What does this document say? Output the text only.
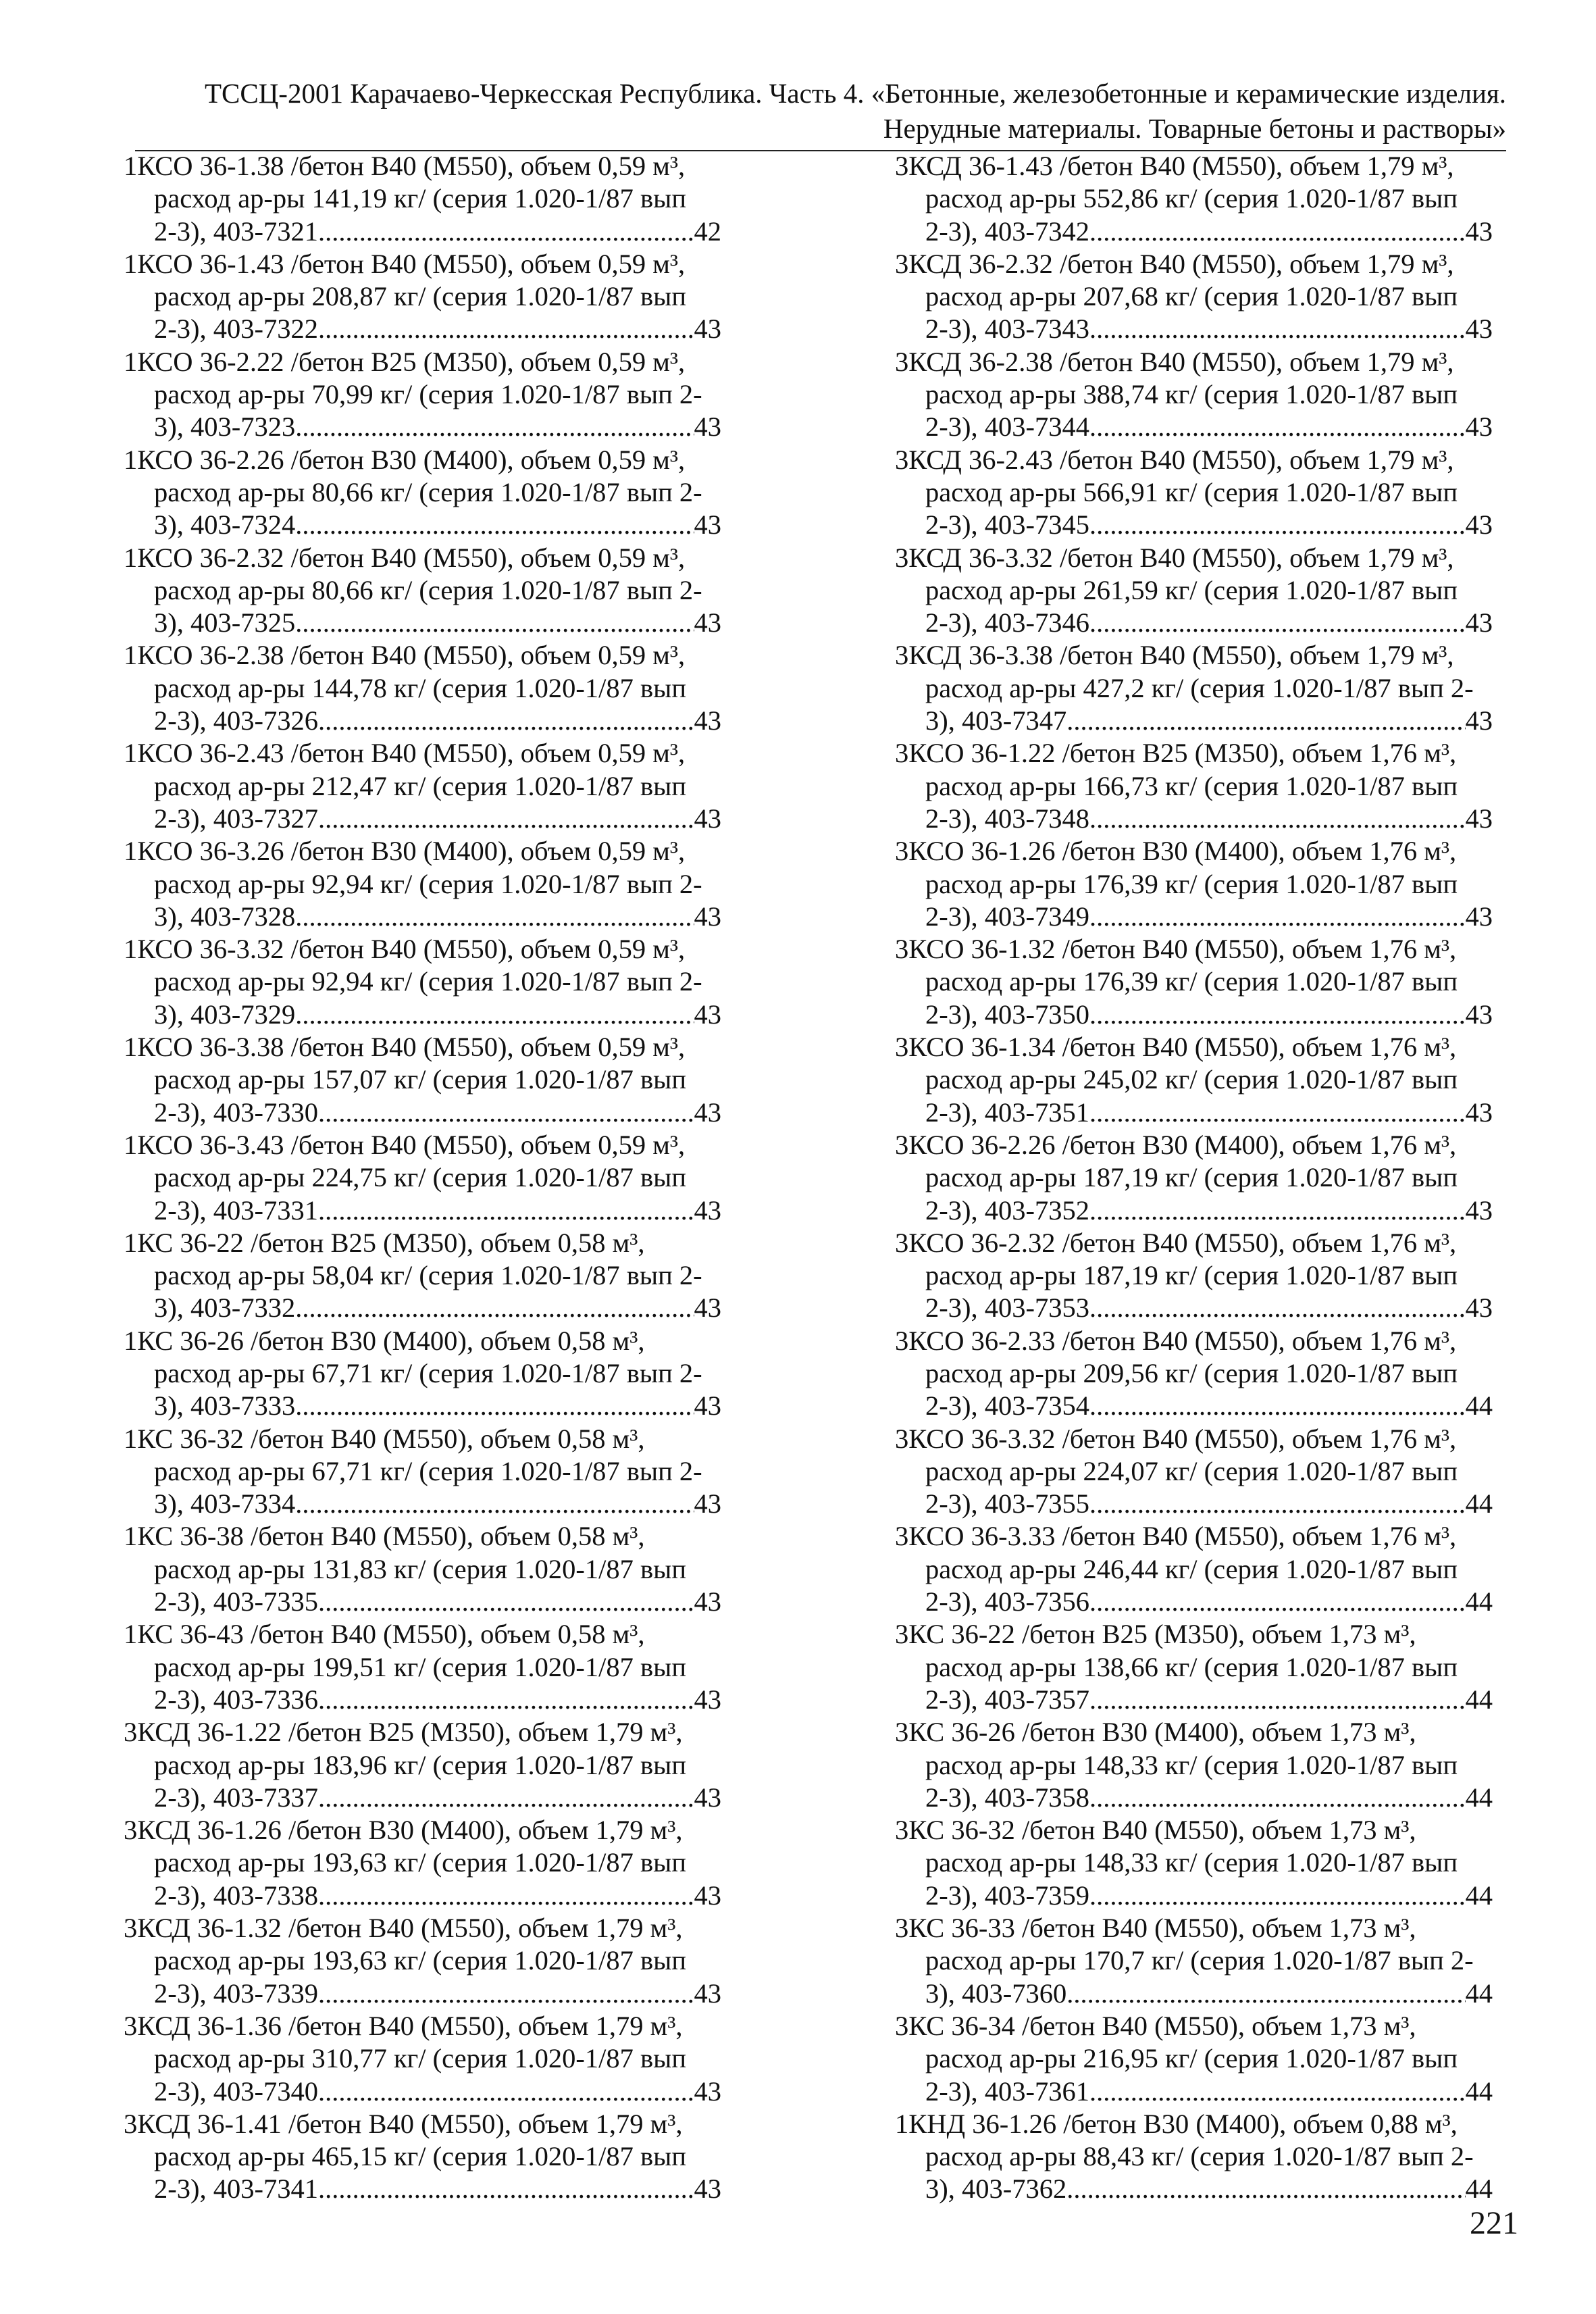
ТССЦ-2001 Карачаево-Черкесская Республика. Часть 4. «Бетонные, железобетонные и керамические изделия.
Нерудные материалы. Товарные бетоны и растворы»
1КСО 36-1.38 /бетон В40 (М550), объем 0,59 м³,
расход ар-ры 141,19 кг/ (серия 1.020-1/87 вып
2-3), 403-7321 .....	42
1КСО 36-1.43 /бетон В40 (М550), объем 0,59 м³,
расход ар-ры 208,87 кг/ (серия 1.020-1/87 вып
2-3), 403-7322 .....	43
1КСО 36-2.22 /бетон В25 (М350), объем 0,59 м³,
расход ар-ры 70,99 кг/ (серия 1.020-1/87 вып 2-
3), 403-7323 .....	43
1КСО 36-2.26 /бетон В30 (М400), объем 0,59 м³,
расход ар-ры 80,66 кг/ (серия 1.020-1/87 вып 2-
3), 403-7324 .....	43
1КСО 36-2.32 /бетон В40 (М550), объем 0,59 м³,
расход ар-ры 80,66 кг/ (серия 1.020-1/87 вып 2-
3), 403-7325 .....	43
1КСО 36-2.38 /бетон В40 (М550), объем 0,59 м³,
расход ар-ры 144,78 кг/ (серия 1.020-1/87 вып
2-3), 403-7326 .....	43
1КСО 36-2.43 /бетон В40 (М550), объем 0,59 м³,
расход ар-ры 212,47 кг/ (серия 1.020-1/87 вып
2-3), 403-7327 .....	43
1КСО 36-3.26 /бетон В30 (М400), объем 0,59 м³,
расход ар-ры 92,94 кг/ (серия 1.020-1/87 вып 2-
3), 403-7328 .....	43
1КСО 36-3.32 /бетон В40 (М550), объем 0,59 м³,
расход ар-ры 92,94 кг/ (серия 1.020-1/87 вып 2-
3), 403-7329 .....	43
1КСО 36-3.38 /бетон В40 (М550), объем 0,59 м³,
расход ар-ры 157,07 кг/ (серия 1.020-1/87 вып
2-3), 403-7330 .....	43
1КСО 36-3.43 /бетон В40 (М550), объем 0,59 м³,
расход ар-ры 224,75 кг/ (серия 1.020-1/87 вып
2-3), 403-7331 .....	43
1КС 36-22 /бетон В25 (М350), объем 0,58 м³,
расход ар-ры 58,04 кг/ (серия 1.020-1/87 вып 2-
3), 403-7332 .....	43
1КС 36-26 /бетон В30 (М400), объем 0,58 м³,
расход ар-ры 67,71 кг/ (серия 1.020-1/87 вып 2-
3), 403-7333 .....	43
1КС 36-32 /бетон В40 (М550), объем 0,58 м³,
расход ар-ры 67,71 кг/ (серия 1.020-1/87 вып 2-
3), 403-7334 .....	43
1КС 36-38 /бетон В40 (М550), объем 0,58 м³,
расход ар-ры 131,83 кг/ (серия 1.020-1/87 вып
2-3), 403-7335 .....	43
1КС 36-43 /бетон В40 (М550), объем 0,58 м³,
расход ар-ры 199,51 кг/ (серия 1.020-1/87 вып
2-3), 403-7336 .....	43
3КСД 36-1.22 /бетон В25 (М350), объем 1,79 м³,
расход ар-ры 183,96 кг/ (серия 1.020-1/87 вып
2-3), 403-7337 .....	43
3КСД 36-1.26 /бетон В30 (М400), объем 1,79 м³,
расход ар-ры 193,63 кг/ (серия 1.020-1/87 вып
2-3), 403-7338 .....	43
3КСД 36-1.32 /бетон В40 (М550), объем 1,79 м³,
расход ар-ры 193,63 кг/ (серия 1.020-1/87 вып
2-3), 403-7339 .....	43
3КСД 36-1.36 /бетон В40 (М550), объем 1,79 м³,
расход ар-ры 310,77 кг/ (серия 1.020-1/87 вып
2-3), 403-7340 .....	43
3КСД 36-1.41 /бетон В40 (М550), объем 1,79 м³,
расход ар-ры 465,15 кг/ (серия 1.020-1/87 вып
2-3), 403-7341 .....	43
3КСД 36-1.43 /бетон В40 (М550), объем 1,79 м³,
расход ар-ры 552,86 кг/ (серия 1.020-1/87 вып
2-3), 403-7342 .....	43
3КСД 36-2.32 /бетон В40 (М550), объем 1,79 м³,
расход ар-ры 207,68 кг/ (серия 1.020-1/87 вып
2-3), 403-7343 .....	43
3КСД 36-2.38 /бетон В40 (М550), объем 1,79 м³,
расход ар-ры 388,74 кг/ (серия 1.020-1/87 вып
2-3), 403-7344 .....	43
3КСД 36-2.43 /бетон В40 (М550), объем 1,79 м³,
расход ар-ры 566,91 кг/ (серия 1.020-1/87 вып
2-3), 403-7345 .....	43
3КСД 36-3.32 /бетон В40 (М550), объем 1,79 м³,
расход ар-ры 261,59 кг/ (серия 1.020-1/87 вып
2-3), 403-7346 .....	43
3КСД 36-3.38 /бетон В40 (М550), объем 1,79 м³,
расход ар-ры 427,2 кг/ (серия 1.020-1/87 вып 2-
3), 403-7347 .....	43
3КСО 36-1.22 /бетон В25 (М350), объем 1,76 м³,
расход ар-ры 166,73 кг/ (серия 1.020-1/87 вып
2-3), 403-7348 .....	43
3КСО 36-1.26 /бетон В30 (М400), объем 1,76 м³,
расход ар-ры 176,39 кг/ (серия 1.020-1/87 вып
2-3), 403-7349 .....	43
3КСО 36-1.32 /бетон В40 (М550), объем 1,76 м³,
расход ар-ры 176,39 кг/ (серия 1.020-1/87 вып
2-3), 403-7350 .....	43
3КСО 36-1.34 /бетон В40 (М550), объем 1,76 м³,
расход ар-ры 245,02 кг/ (серия 1.020-1/87 вып
2-3), 403-7351 .....	43
3КСО 36-2.26 /бетон В30 (М400), объем 1,76 м³,
расход ар-ры 187,19 кг/ (серия 1.020-1/87 вып
2-3), 403-7352 .....	43
3КСО 36-2.32 /бетон В40 (М550), объем 1,76 м³,
расход ар-ры 187,19 кг/ (серия 1.020-1/87 вып
2-3), 403-7353 .....	43
3КСО 36-2.33 /бетон В40 (М550), объем 1,76 м³,
расход ар-ры 209,56 кг/ (серия 1.020-1/87 вып
2-3), 403-7354 .....	44
3КСО 36-3.32 /бетон В40 (М550), объем 1,76 м³,
расход ар-ры 224,07 кг/ (серия 1.020-1/87 вып
2-3), 403-7355 .....	44
3КСО 36-3.33 /бетон В40 (М550), объем 1,76 м³,
расход ар-ры 246,44 кг/ (серия 1.020-1/87 вып
2-3), 403-7356 .....	44
3КС 36-22 /бетон В25 (М350), объем 1,73 м³,
расход ар-ры 138,66 кг/ (серия 1.020-1/87 вып
2-3), 403-7357 .....	44
3КС 36-26 /бетон В30 (М400), объем 1,73 м³,
расход ар-ры 148,33 кг/ (серия 1.020-1/87 вып
2-3), 403-7358 .....	44
3КС 36-32 /бетон В40 (М550), объем 1,73 м³,
расход ар-ры 148,33 кг/ (серия 1.020-1/87 вып
2-3), 403-7359 .....	44
3КС 36-33 /бетон В40 (М550), объем 1,73 м³,
расход ар-ры 170,7 кг/ (серия 1.020-1/87 вып 2-
3), 403-7360 .....	44
3КС 36-34 /бетон В40 (М550), объем 1,73 м³,
расход ар-ры 216,95 кг/ (серия 1.020-1/87 вып
2-3), 403-7361 .....	44
1КНД 36-1.26 /бетон В30 (М400), объем 0,88 м³,
расход ар-ры 88,43 кг/ (серия 1.020-1/87 вып 2-
3), 403-7362 .....	44
221
